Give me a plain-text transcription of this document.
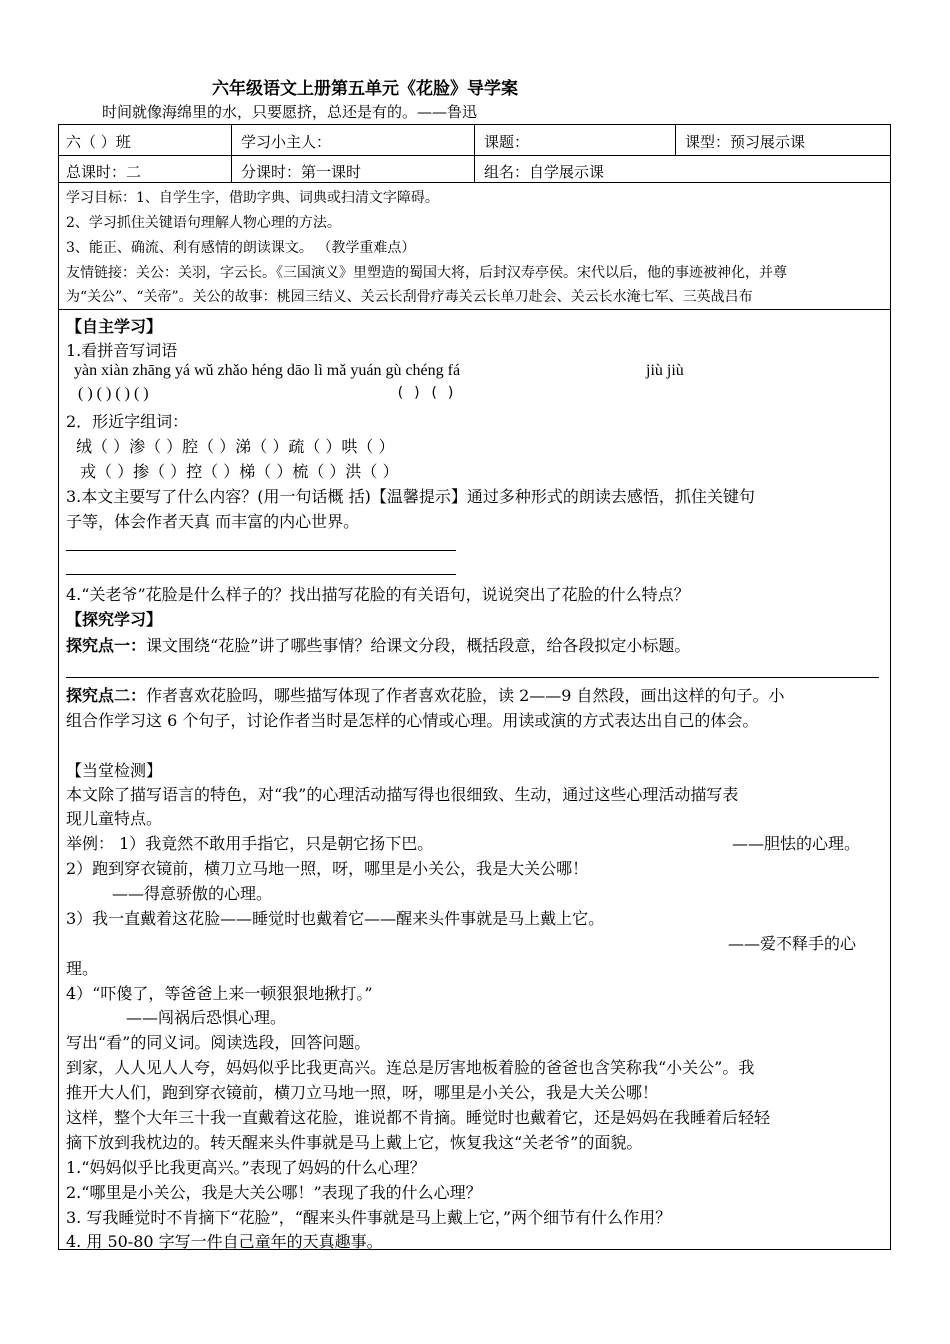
六年级语文上册第五单元《花脸》导学案
时间就像海绵里的水，只要愿挤，总还是有的。——鲁迅
六（ ）班	学习小主人：	课题：	课型：预习展示课
总课时：二	分课时：第一课时	组名：自学展示课
学习目标：1、自学生字，借助字典、词典或扫清文字障碍。
2、学习抓住关键语句理解人物心理的方法。
3、能正、确流、利有感情的朗读课文。 （教学重难点）
友情链接：关公：关羽，字云长。《三国演义》里塑造的蜀国大将，后封汉寿亭侯。宋代以后，他的事迹被神化，并尊
为“关公”、“关帝”。关公的故事：桃园三结义、关云长刮骨疗毒关云长单刀赴会、关云长水淹七军、三英战吕布
【自主学习】
1.看拼音写词语
yàn xiàn zhāng yá wǔ zhǎo héng dāo lì mǎ yuán gù chéng fá	jiù jiù
( ) ( ) ( ) ( )	( ) ( )
2．形近字组词：
绒（ ）渗（ ）腔（ ）涕（ ）疏（ ）哄（ ）
戎（ ）掺（ ）控（ ）梯（ ）梳（ ）洪（ ）
3.本文主要写了什么内容？(用一句话概 括)【温馨提示】通过多种形式的朗读去感悟，抓住关键句
子等，体会作者天真 而丰富的内心世界。
4.“关老爷”花脸是什么样子的？找出描写花脸的有关语句，说说突出了花脸的什么特点？
【探究学习】
探究点一：课文围绕“花脸”讲了哪些事情？给课文分段，概括段意，给各段拟定小标题。
探究点二：作者喜欢花脸吗，哪些描写体现了作者喜欢花脸，读 2——9 自然段，画出这样的句子。小
组合作学习这 6 个句子，讨论作者当时是怎样的心情或心理。用读或演的方式表达出自己的体会。
【当堂检测】
本文除了描写语言的特色，对“我”的心理活动描写得也很细致、生动，通过这些心理活动描写表
现儿童特点。
举例： 1）我竟然不敢用手指它，只是朝它扬下巴。	——胆怯的心理。
2）跑到穿衣镜前，横刀立马地一照，呀，哪里是小关公，我是大关公哪！
——得意骄傲的心理。
3）我一直戴着这花脸——睡觉时也戴着它——醒来头件事就是马上戴上它。
——爱不释手的心
理。
4）“吓傻了，等爸爸上来一顿狠狠地揪打。”
——闯祸后恐惧心理。
写出“看”的同义词。阅读选段，回答问题。
到家，人人见人人夸，妈妈似乎比我更高兴。连总是厉害地板着脸的爸爸也含笑称我“小关公”。我
推开大人们，跑到穿衣镜前，横刀立马地一照，呀，哪里是小关公，我是大关公哪！
这样，整个大年三十我一直戴着这花脸，谁说都不肯摘。睡觉时也戴着它，还是妈妈在我睡着后轻轻
摘下放到我枕边的。转天醒来头件事就是马上戴上它，恢复我这“关老爷”的面貌。
1.“妈妈似乎比我更高兴。”表现了妈妈的什么心理？
2.“哪里是小关公，我是大关公哪！”表现了我的什么心理？
3. 写我睡觉时不肯摘下“花脸”，“醒来头件事就是马上戴上它，”两个细节有什么作用？
4. 用 50-80 字写一件自己童年的天真趣事。
